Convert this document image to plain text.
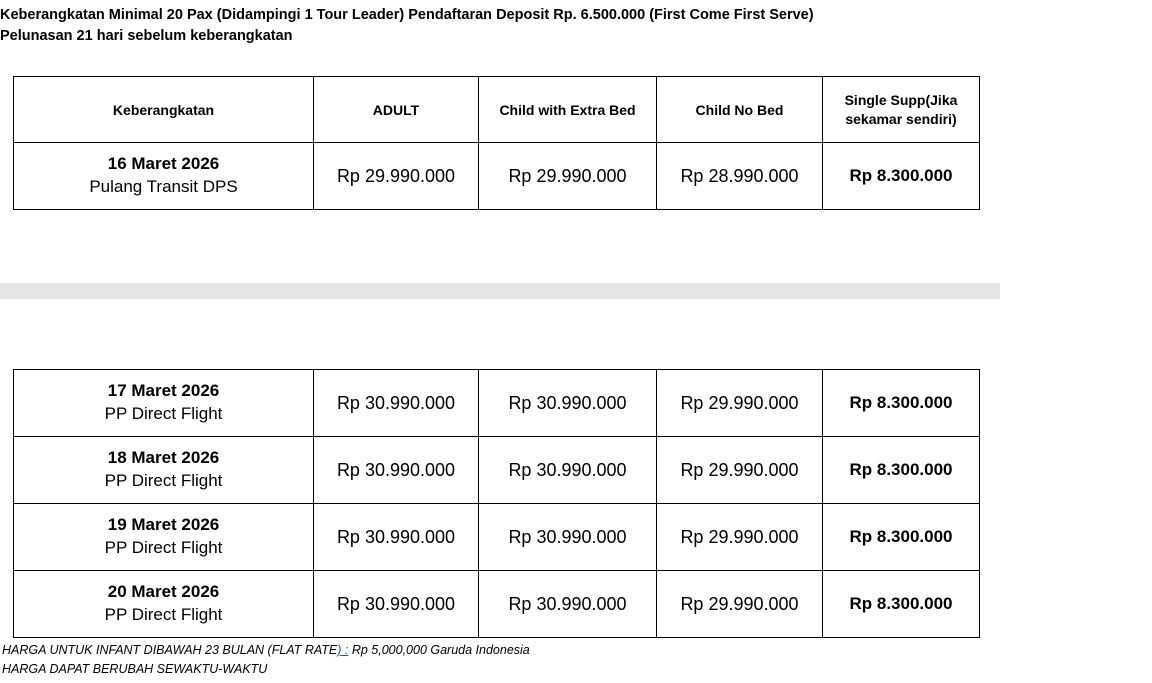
Keberangkatan Minimal 20 Pax (Didampingi 1 Tour Leader) Pendaftaran Deposit Rp. 6.500.000 (First Come First Serve)
Pelunasan 21 hari sebelum keberangkatan
Keberangkatan	ADULT	Child with Extra Bed	Child No Bed	Single Supp(Jika
sekamar sendiri)

16 Maret 2026
Pulang Transit DPS	Rp 29.990.000	Rp 29.990.000	Rp 28.990.000	Rp 8.300.000
17 Maret 2026
PP Direct Flight	Rp 30.990.000	Rp 30.990.000	Rp 29.990.000	Rp 8.300.000

18 Maret 2026
PP Direct Flight	Rp 30.990.000	Rp 30.990.000	Rp 29.990.000	Rp 8.300.000

19 Maret 2026
PP Direct Flight	Rp 30.990.000	Rp 30.990.000	Rp 29.990.000	Rp 8.300.000

20 Maret 2026
PP Direct Flight	Rp 30.990.000	Rp 30.990.000	Rp 29.990.000	Rp 8.300.000
HARGA UNTUK INFANT DIBAWAH 23 BULAN (FLAT RATE) : Rp 5,000,000 Garuda Indonesia
HARGA DAPAT BERUBAH SEWAKTU-WAKTU
